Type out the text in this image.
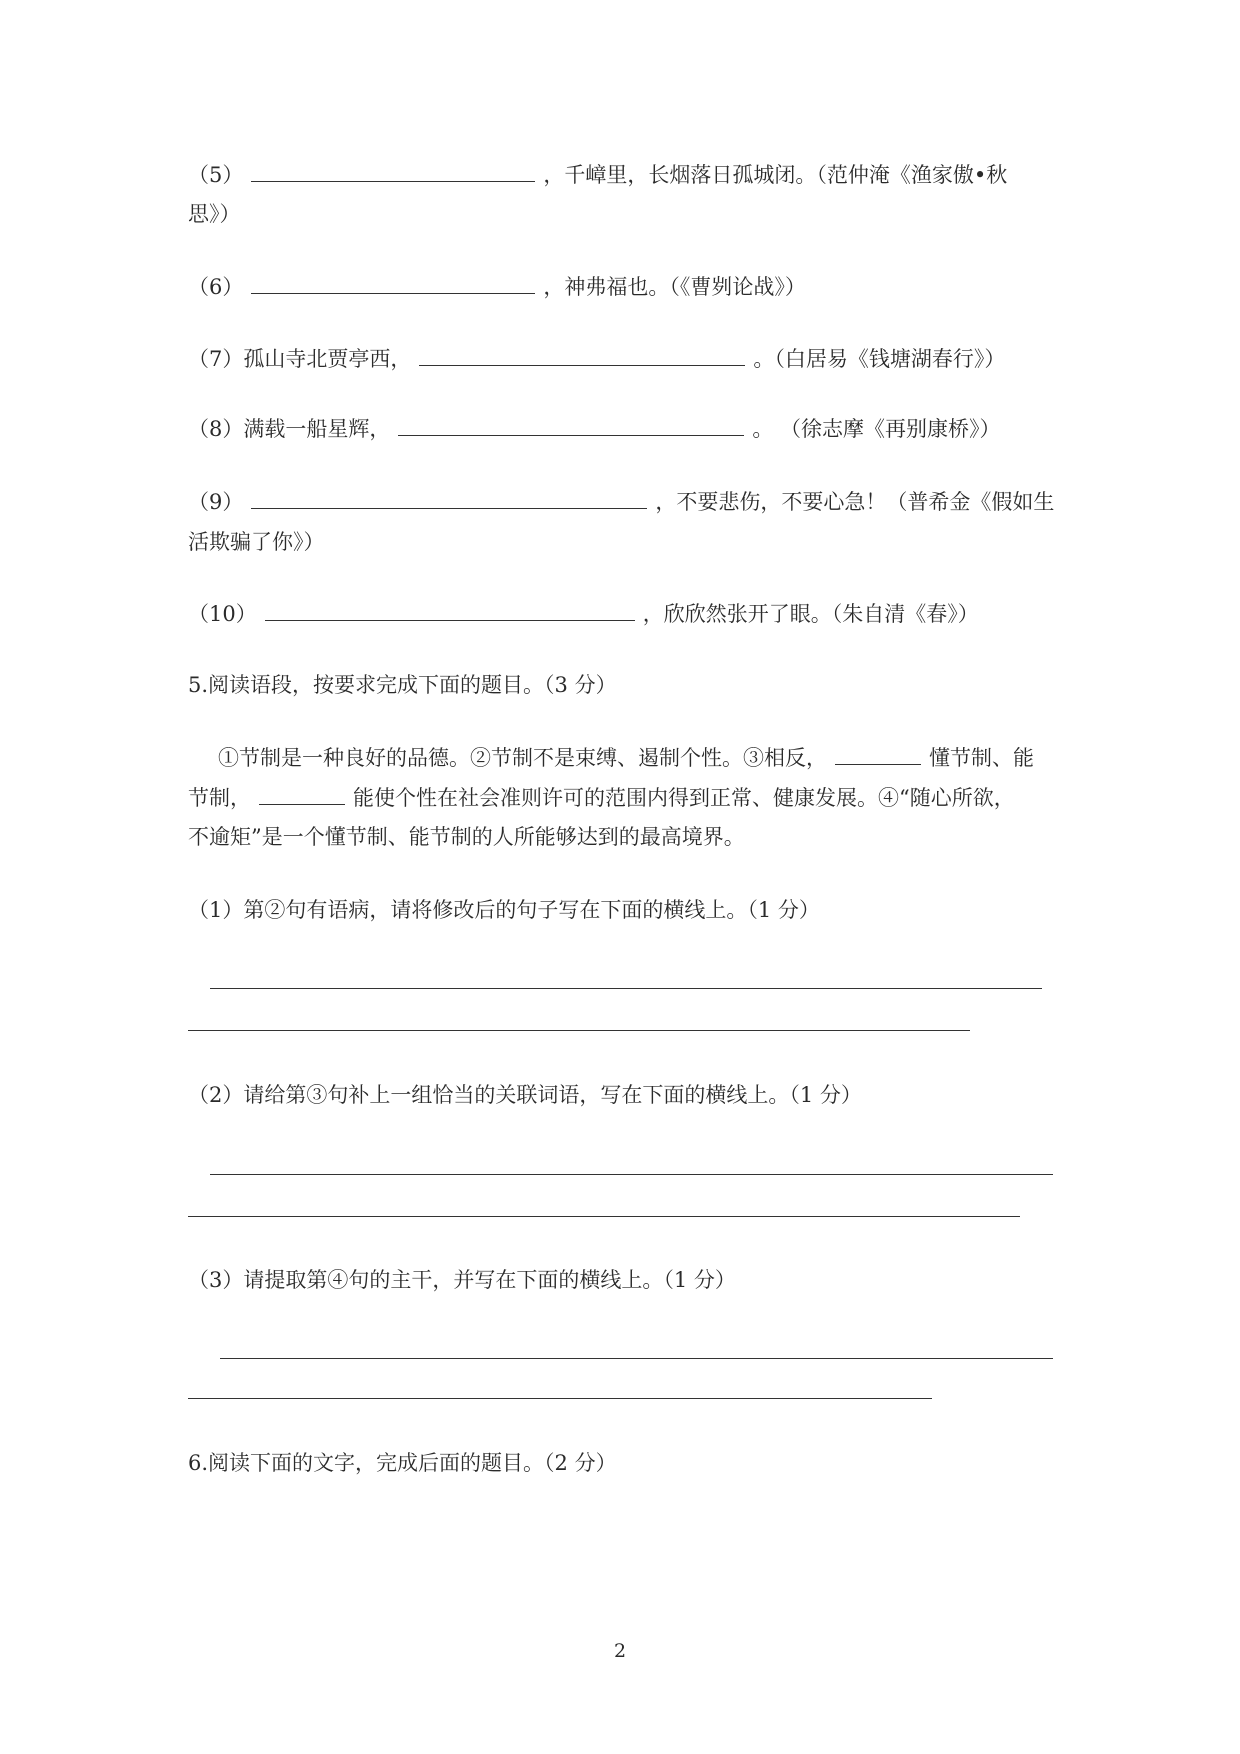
（5）	，千嶂里，长烟落日孤城闭。（范仲淹《渔家傲•秋
思》）
（6）	，神弗福也。（《曹刿论战》）
（7）孤山寺北贾亭西，	。（白居易《钱塘湖春行》）
（8）满载一船星辉，	。 （徐志摩《再别康桥》）
（9）	，不要悲伤，不要心急！（普希金《假如生
活欺骗了你》）
（10）	，欣欣然张开了眼。（朱自清《春》）
5.阅读语段，按要求完成下面的题目。（3 分）
①节制是一种良好的品德。②节制不是束缚、遏制个性。③相反，	懂节制、能
节制，	能使个性在社会准则许可的范围内得到正常、健康发展。④“随心所欲，
不逾矩”是一个懂节制、能节制的人所能够达到的最高境界。
（1）第②句有语病，请将修改后的句子写在下面的横线上。（1 分）
（2）请给第③句补上一组恰当的关联词语，写在下面的横线上。（1 分）
（3）请提取第④句的主干，并写在下面的横线上。（1 分）
6.阅读下面的文字，完成后面的题目。（2 分）
2
